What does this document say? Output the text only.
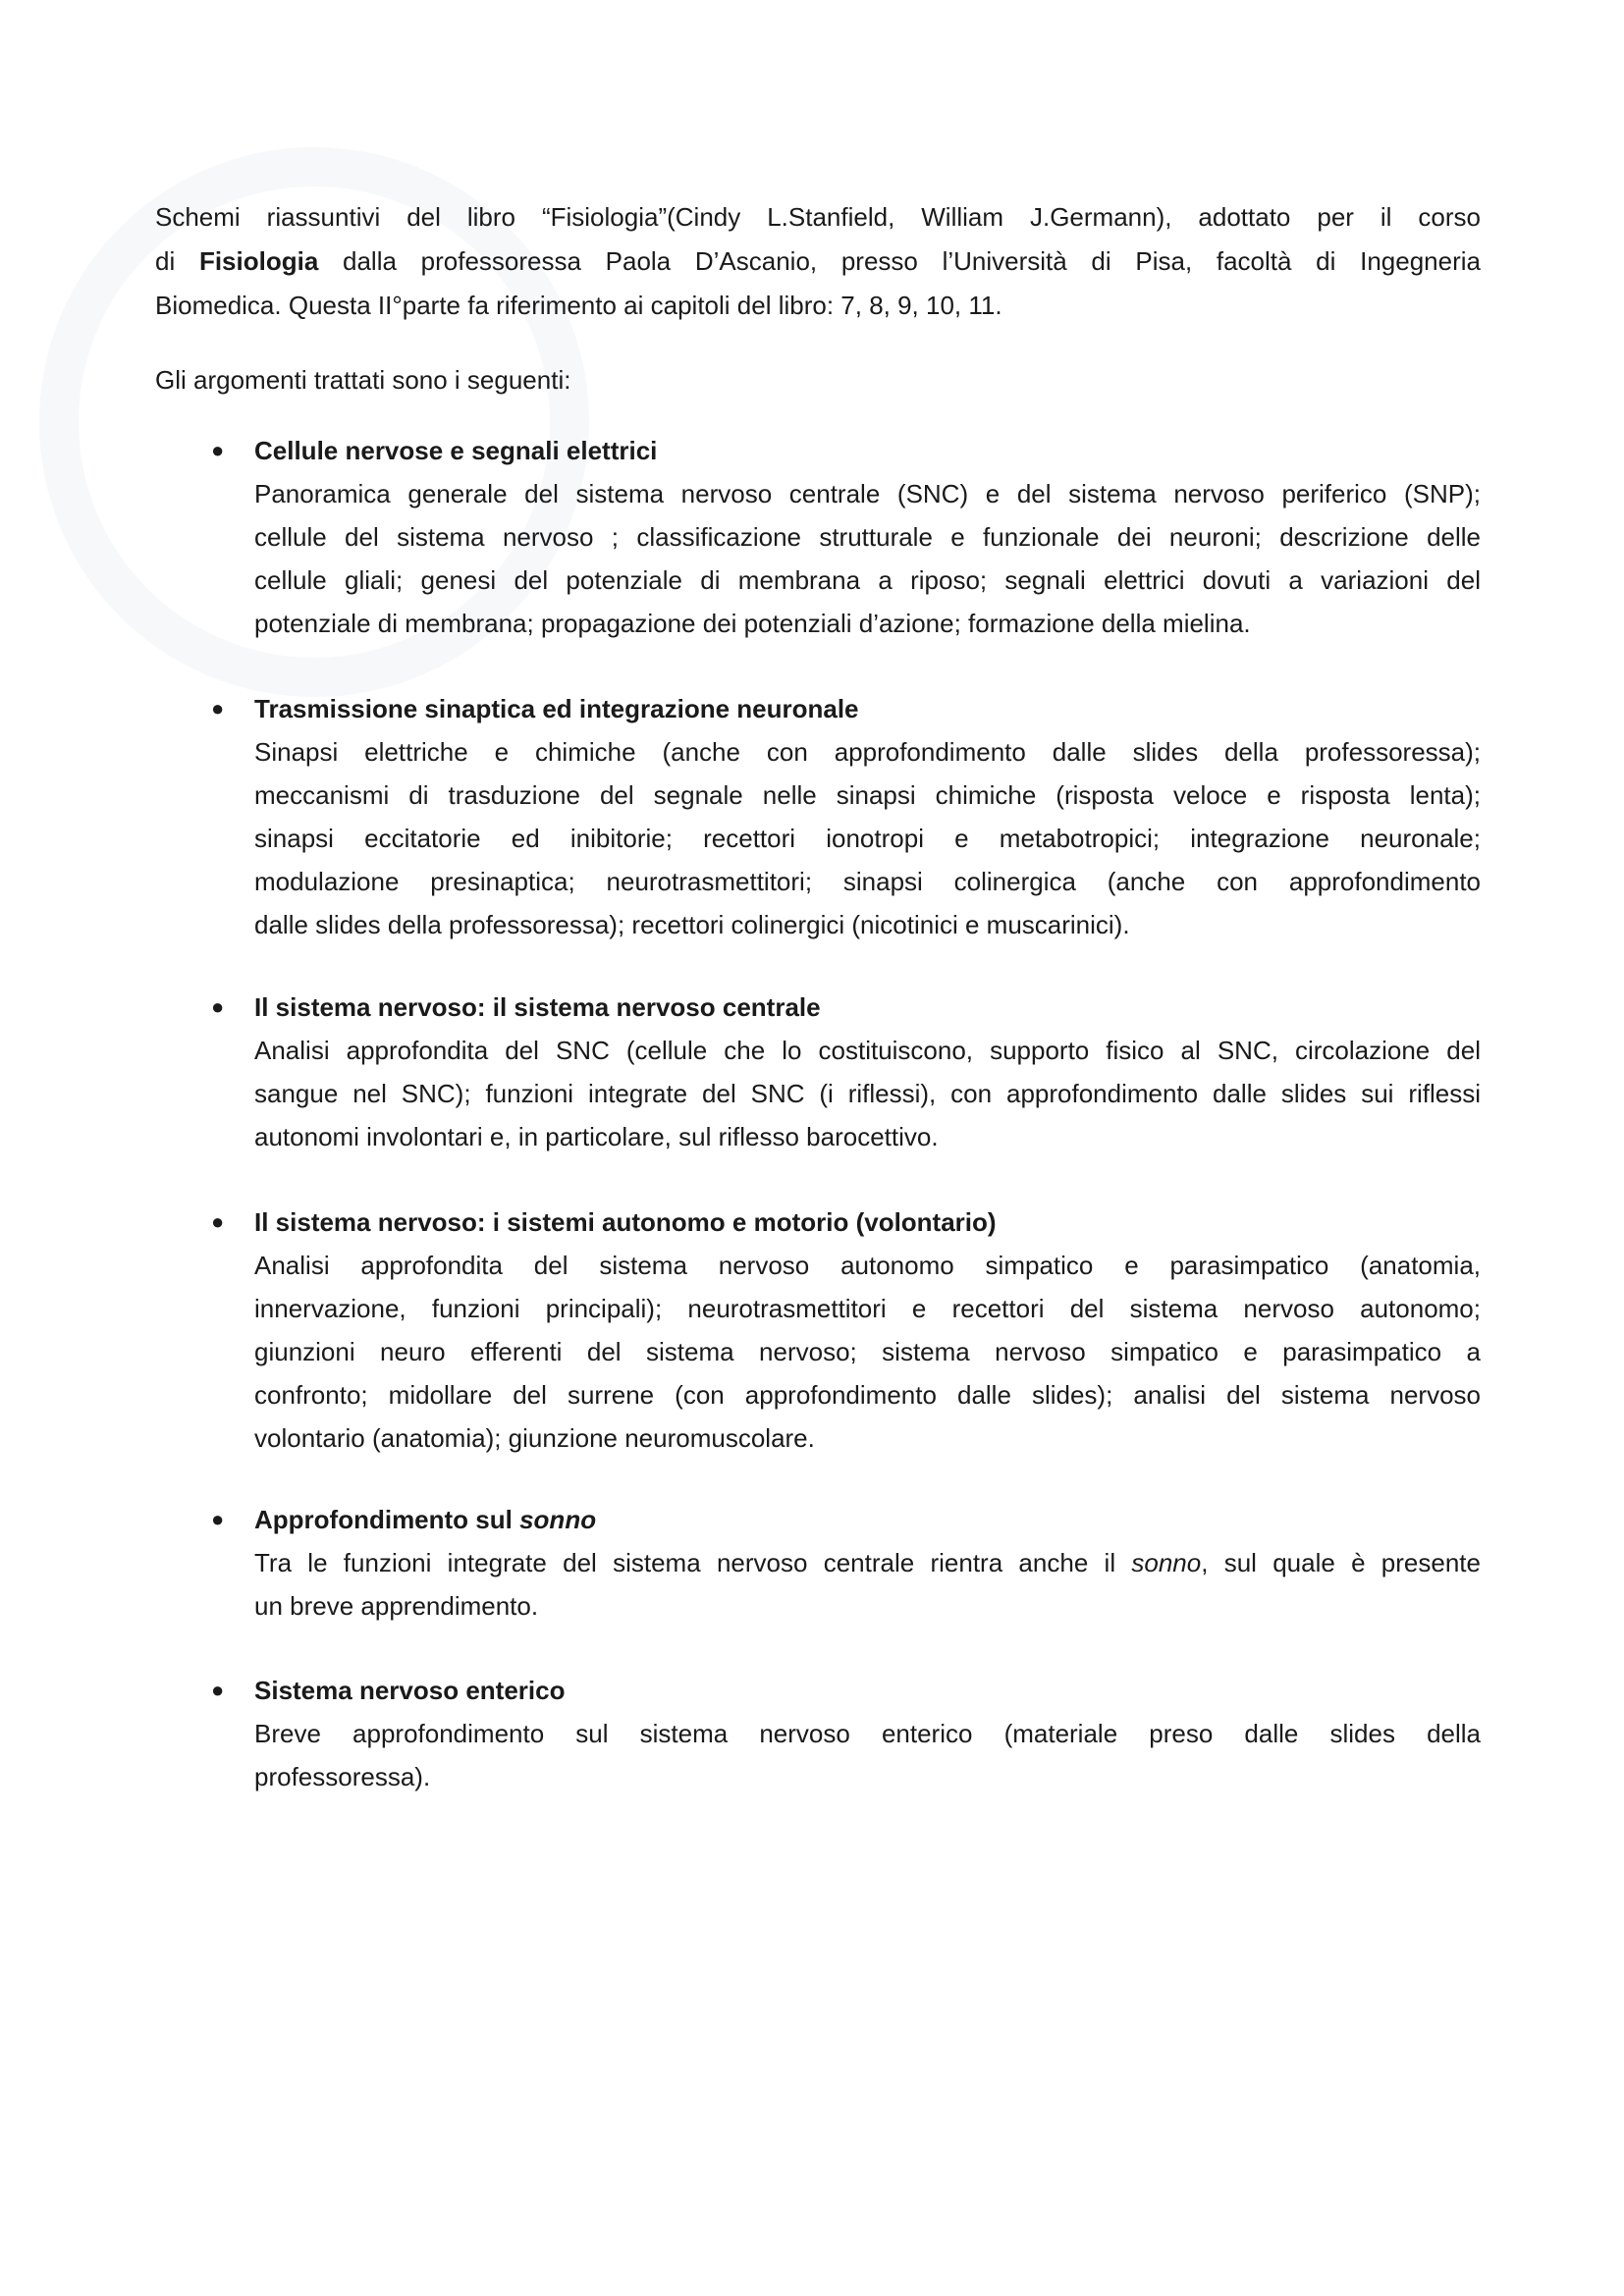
Schemi riassuntivi del libro “Fisiologia”(Cindy L.Stanfield, William J.Germann), adottato per il corso
di Fisiologia dalla professoressa Paola D’Ascanio, presso l’Università di Pisa, facoltà di Ingegneria
Biomedica. Questa II°parte fa riferimento ai capitoli del libro: 7, 8, 9, 10, 11.
Gli argomenti trattati sono i seguenti:
● Cellule nervose e segnali elettrici
Panoramica generale del sistema nervoso centrale (SNC) e del sistema nervoso periferico (SNP);
cellule del sistema nervoso ; classificazione strutturale e funzionale dei neuroni; descrizione delle
cellule gliali; genesi del potenziale di membrana a riposo; segnali elettrici dovuti a variazioni del
potenziale di membrana; propagazione dei potenziali d’azione; formazione della mielina.
● Trasmissione sinaptica ed integrazione neuronale
Sinapsi elettriche e chimiche (anche con approfondimento dalle slides della professoressa);
meccanismi di trasduzione del segnale nelle sinapsi chimiche (risposta veloce e risposta lenta);
sinapsi eccitatorie ed inibitorie; recettori ionotropi e metabotropici; integrazione neuronale;
modulazione presinaptica; neurotrasmettitori; sinapsi colinergica (anche con approfondimento
dalle slides della professoressa); recettori colinergici (nicotinici e muscarinici).
● Il sistema nervoso: il sistema nervoso centrale
Analisi approfondita del SNC (cellule che lo costituiscono, supporto fisico al SNC, circolazione del
sangue nel SNC); funzioni integrate del SNC (i riflessi), con approfondimento dalle slides sui riflessi
autonomi involontari e, in particolare, sul riflesso barocettivo.
● Il sistema nervoso: i sistemi autonomo e motorio (volontario)
Analisi approfondita del sistema nervoso autonomo simpatico e parasimpatico (anatomia,
innervazione, funzioni principali); neurotrasmettitori e recettori del sistema nervoso autonomo;
giunzioni neuro efferenti del sistema nervoso; sistema nervoso simpatico e parasimpatico a
confronto; midollare del surrene (con approfondimento dalle slides); analisi del sistema nervoso
volontario (anatomia); giunzione neuromuscolare.
● Approfondimento sul sonno
Tra le funzioni integrate del sistema nervoso centrale rientra anche il sonno, sul quale è presente
un breve apprendimento.
● Sistema nervoso enterico
Breve approfondimento sul sistema nervoso enterico (materiale preso dalle slides della
professoressa).
